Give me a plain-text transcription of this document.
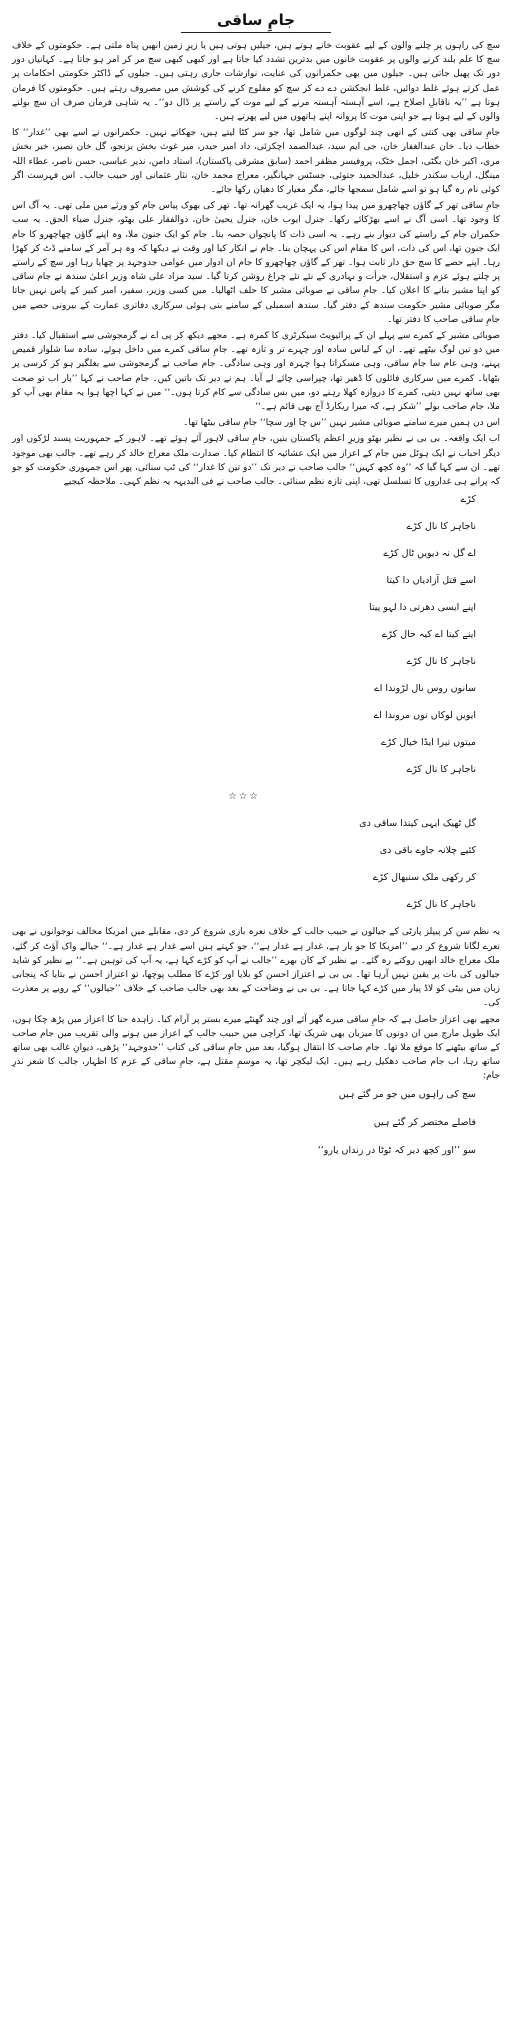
جامِ ساقی

سچ کی راہوں پر چلنے والوں کے لیے عقوبت خانے ہوتے ہیں، جیلیں ہوتی ہیں یا زیرِ زمین انھیں پناہ ملتی ہے۔ حکومتوں کے خلاف سچ کا علم بلند کرنے والوں پر عقوبت خانوں میں بدترین تشدد کیا جاتا ہے اور کبھی کبھی سچ مر کر امر ہو جاتا ہے۔ کہانیاں دور دور تک پھیل جاتی ہیں۔ جیلوں میں بھی حکمرانوں کی عنایت، نوازشات جاری رہتی ہیں۔ جیلوں کے ڈاکٹر حکومتی احکامات پر عمل کرتے ہوئے غلط دوائیں، غلط انجکشن دے دے کر سچ کو مفلوج کرنے کی کوشش میں مصروف رہتے ہیں۔ حکومتوں کا فرمان ہوتا ہے ’’یہ ناقابلِ اصلاح ہے، اسے آہستہ آہستہ مرنے کے لیے موت کے راستے پر ڈال دو‘‘۔ یہ شاہی فرمان صرف ان سچ بولنے والوں کے لیے ہوتا ہے جو اپنی موت کا پروانہ اپنے ہاتھوں میں لیے پھرتے ہیں۔

جامِ ساقی بھی کنتی کے انھی چند لوگوں میں شامل تھا، جو سر کٹا لیتے ہیں، جھکاتے نہیں۔ حکمرانوں نے اسے بھی ’’غدار‘‘ کا خطاب دیا۔ خان عبدالغفار خان، جی ایم سید، عبدالصمد اچکزئی، داد امیر حیدر، میر غوث بخش بزنجو، گل خان نصیر، خیر بخش مری، اکبر خان بگٹی، اجمل خٹک، پروفیسر مظفر احمد (سابق مشرقی پاکستان)، استاد دامن، نذیر عباسی، حسن ناصر، عطاء اللہ مینگل، ارباب سکندر خلیل، عبدالحمید جتوئی، جسٹس جہانگیر، معراج محمد خان، نثار عثمانی اور حبیب جالب۔ اس فہرست اگر کوئی نام رہ گیا ہو تو اسے شامل سمجھا جائے، مگر معیار کا دھیان رکھا جائے۔

جامِ ساقی تھر کے گاؤں چھاچھرو میں پیدا ہوا، یہ ایک غریب گھرانہ تھا۔ تھر کی بھوک پیاس جام کو ورثے میں ملی تھی۔ یہ آگ اس کا وجود تھا۔ اسی آگ نے اسے بھڑکائے رکھا۔ جنرل ایوب خان، جنرل یحییٰ خان، ذوالفقار علی بھٹو، جنرل ضیاء الحق۔ یہ سب حکمران جام کے راستے کی دیوار بنے رہے۔ یہ اسی ذات کا پانچواں حصہ بنا۔ جام کو ایک جنون ملا، وہ اپنے گاؤں چھاچھرو کا جام ایک جنون تھا، اس کی ذات، اس کا مقام اس کی پہچان بنا۔ جام نے انکار کیا اور وقت نے دیکھا کہ وہ ہر آمر کے سامنے ڈٹ کر کھڑا رہا۔ اپنے حصے کا سچ حق دار ثابت ہوا۔ تھر کے گاؤں چھاچھرو کا جام ان ادوار میں عوامی جدوجہد پر چھایا رہا اور سچ کے راستے پر چلتے ہوئے عزم و استقلال، جرأت و بہادری کے نئے نئے چراغ روشن کرتا گیا۔ سید مراد علی شاہ وزیر اعلیٰ سندھ نے جام ساقی کو اپنا مشیر بنانے کا اعلان کیا۔ جامِ ساقی نے صوبائی مشیر کا حلف اٹھالیا۔ میں کسی وزیر، سفیر، امیر کبیر کے پاس نہیں جاتا مگر صوبائی مشیر حکومت سندھ کے دفتر گیا۔ سندھ اسمبلی کے سامنے بنی ہوئی سرکاری دفاتری عمارت کے بیرونی حصے میں جامِ ساقی صاحب کا دفتر تھا۔

صوبائی مشیر کے کمرے سے پہلے ان کے پرائیویٹ سیکرٹری کا کمرہ ہے۔ مجھے دیکھ کر پی اے نے گرمجوشی سے استقبال کیا۔ دفتر میں دو تین لوگ بیٹھے تھے۔ ان کے لباس سادہ اور چہرے تر و تازہ تھے۔ جامِ ساقی کمرے میں داخل ہوئے، سادہ سا شلوار قمیص پہنے، وہی عام سا جام ساقی، وہی مسکراتا ہوا چہرہ اور وہی سادگی۔ جام صاحب نے گرمجوشی سے بغلگیر ہو کر کرسی پر بٹھایا۔ کمرے میں سرکاری فائلوں کا ڈھیر تھا، چپراسی چائے لے آیا۔ ہم نے دیر تک باتیں کیں۔ جام صاحب نے کہا ’’یار اب تو صحت بھی ساتھ نہیں دیتی، کمرے کا دروازہ کھلا رہنے دو، میں بس سادگی سے کام کرتا ہوں۔‘‘ میں نے کہا اچھا ہوا یہ مقام بھی آپ کو ملا، جام صاحب بولے ’’شکر ہے، کہ میرا ریکارڈ آج بھی قائم ہے۔‘‘

اس دن ہمیں میرے سامنے صوبائی مشیر نہیں ’’س چا اور سچا‘‘ جامِ ساقی بیٹھا تھا۔

اب ایک واقعہ۔ بی بی نے نظیر بھٹو وزیرِ اعظم پاکستان بنیں، جامِ ساقی لاہور آئے ہوئے تھے۔ لاہور کے جمہوریت پسند لڑکوں اور دیگر احباب نے ایک ہوٹل میں جام کے اعزاز میں ایک عشائیہ کا انتظام کیا۔ صدارت ملک معراج خالد کر رہے تھے۔ جالب بھی موجود تھے۔ ان سے کہا گیا کہ ’’وہ کچھ کہیں‘‘ جالب صاحب نے دیر تک ’’دو تین کا غدار‘‘ کی ٹپ سنائی، پھر اس جمہوری حکومت کو جو کہ پرانے ہی غداروں کا تسلسل تھی، اپنی تازہ نظم سنائی۔ جالب صاحب نے فی البدیہہ یہ نظم کہی۔ ملاحظہ کیجیے

کڑے
ناجاہر کا نال کڑے
اے گل نہ دیویں ٹال کڑے
اسے قتل آزادیاں دا کیتا
اپنے ایسی دھرتی دا لہو پیتا
اینے کیتا اے کیہ حال کڑے
ناجاہر کا نال کڑے
سانوں روس نال لڑوندا اے
ایویں لوکاں نوں مروندا اے
میتوں تیرا ایڈا خیال کڑے
ناجاہر کا نال کڑے
☆☆☆
گل ٹھیک ایہی کیندا ساقی دی
کئیے چلانہ جاوے باقی دی
کر رکھی ملک سنبھال کڑے
ناجاہر کا نال کڑے

یہ نظم سن کر پیپلز پارٹی کے جیالوں نے حبیب جالب کے خلاف نعرہ بازی شروع کر دی، مقابلے میں امریکا مخالف نوجوانوں نے بھی نعرے لگانا شروع کر دیے ’’امریکا کا جو یار ہے، غدار ہے غدار ہے‘‘، جو کہتے ہیں اسے غدار ہے غدار ہے۔‘‘ جیالے واک آؤٹ کر گئے، ملک معراج خالد انھیں روکتے رہ گئے۔ بے نظیر کے کان بھرے ’’جالب نے آپ کو کڑے کہا ہے، یہ آپ کی توہین ہے۔‘‘ بے نظیر کو شاید جیالوں کی بات پر یقین نہیں آرہا تھا۔ بی بی نے اعتزاز احسن کو بلایا اور کڑے کا مطلب پوچھا، تو اعتزاز احسن نے بتایا کہ پنجابی زبان میں بیٹی کو لاڈ پیار میں کڑے کہا جاتا ہے۔ بی بی نے وضاحت کے بعد بھی جالب صاحب کے خلاف ’’جیالوں‘‘ کے رویے پر معذرت کی۔

مجھے بھی اعزاز حاصل ہے کہ جامِ ساقی میرے گھر آئے اور چند گھنٹے میرے بستر پر آرام کیا۔ زاہدہ حنا کا اعزاز میں پڑھ چکا ہوں، ایک طویل مارچ میں ان دونوں کا میزبان بھی شریک تھا، کراچی میں حبیب جالب کے اعزاز میں ہونے والی تقریب میں جام صاحب کے ساتھ بیٹھنے کا موقع ملا تھا۔ جام صاحب کا انتقال ہوگیا، بعد میں جامِ ساقی کی کتاب ’’جدوجہد‘‘ پڑھی، دیوانِ غالب بھی ساتھ ساتھ رہا، اب جام صاحب دھکیل رہے ہیں۔ ایک لیکچر تھا، یہ موسمِ مقتل ہے، جامِ ساقی کے عزم کا اظہار، جالب کا شعر نذرِ جام:

سچ کی راہوں میں جو مر گئے ہیں
فاصلے مختصر کر گئے ہیں
سو ’’اور کچھ دیر کہ ٹوٹا در زنداں یارو‘‘
